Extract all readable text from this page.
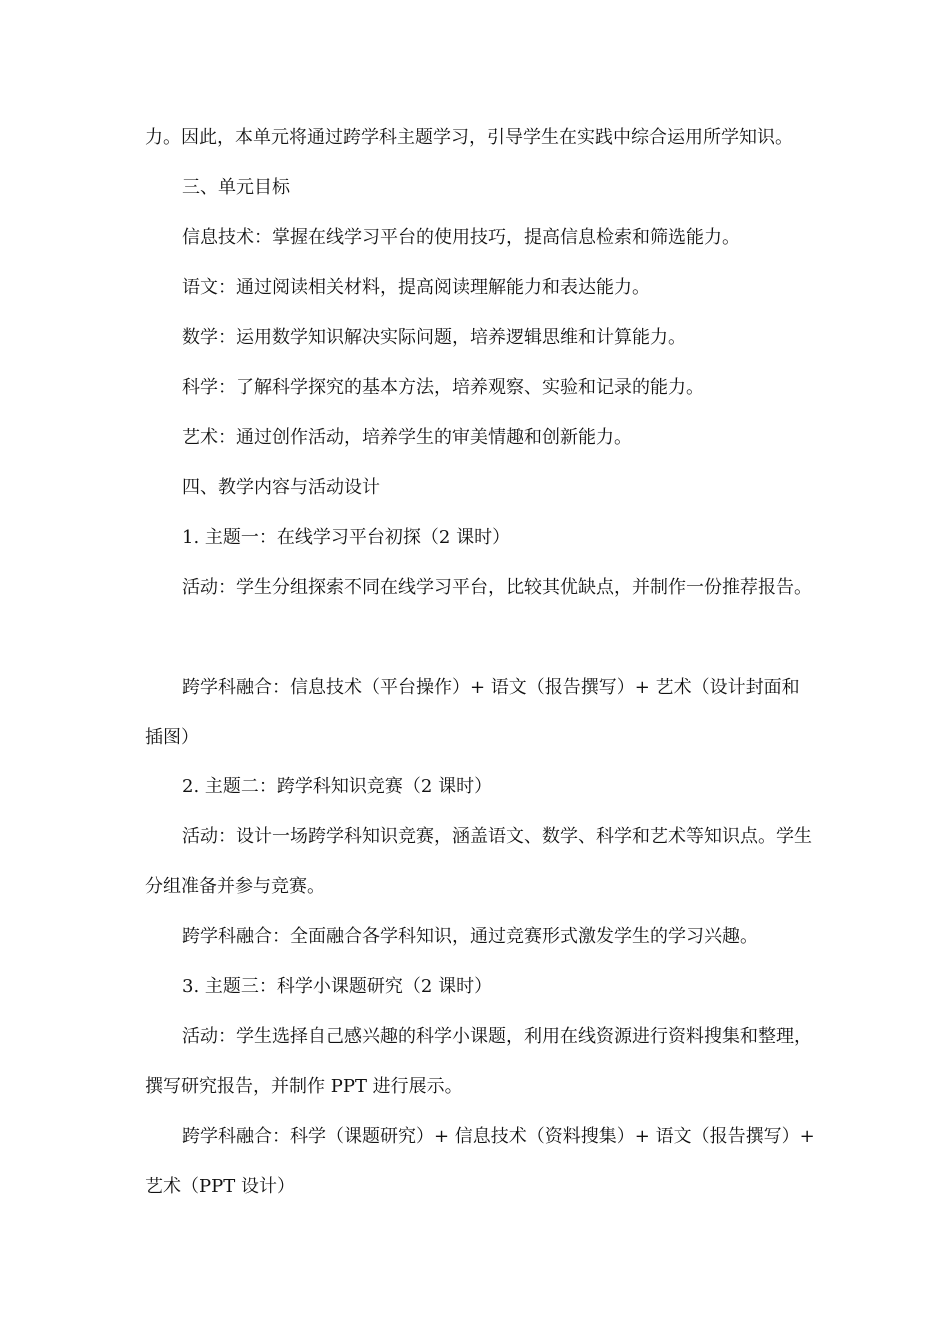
力。因此，本单元将通过跨学科主题学习，引导学生在实践中综合运用所学知识。

三、单元目标

信息技术：掌握在线学习平台的使用技巧，提高信息检索和筛选能力。

语文：通过阅读相关材料，提高阅读理解能力和表达能力。

数学：运用数学知识解决实际问题，培养逻辑思维和计算能力。

科学：了解科学探究的基本方法，培养观察、实验和记录的能力。

艺术：通过创作活动，培养学生的审美情趣和创新能力。

四、教学内容与活动设计

1. 主题一：在线学习平台初探（2 课时）

活动：学生分组探索不同在线学习平台，比较其优缺点，并制作一份推荐报告。

跨学科融合：信息技术（平台操作）+ 语文（报告撰写）+ 艺术（设计封面和插图）

2. 主题二：跨学科知识竞赛（2 课时）

活动：设计一场跨学科知识竞赛，涵盖语文、数学、科学和艺术等知识点。学生分组准备并参与竞赛。

跨学科融合：全面融合各学科知识，通过竞赛形式激发学生的学习兴趣。

3. 主题三：科学小课题研究（2 课时）

活动：学生选择自己感兴趣的科学小课题，利用在线资源进行资料搜集和整理，撰写研究报告，并制作 PPT 进行展示。

跨学科融合：科学（课题研究）+ 信息技术（资料搜集）+ 语文（报告撰写）+ 艺术（PPT 设计）
